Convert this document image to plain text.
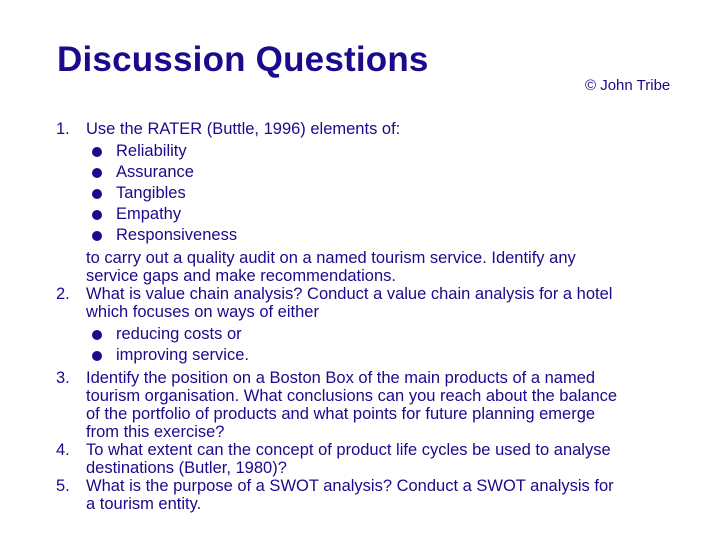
Discussion Questions
© John Tribe
1. Use the RATER (Buttle, 1996) elements of:
Reliability
Assurance
Tangibles
Empathy
Responsiveness
to carry out a quality audit on a named tourism service. Identify any
service gaps and make recommendations.
2. What is value chain analysis? Conduct a value chain analysis for a hotel
which focuses on ways of either
reducing costs or
improving service.
3. Identify the position on a Boston Box of the main products of a named
tourism organisation. What conclusions can you reach about the balance
of the portfolio of products and what points for future planning emerge
from this exercise?
4. To what extent can the concept of product life cycles be used to analyse
destinations (Butler, 1980)?
5. What is the purpose of a SWOT analysis? Conduct a SWOT analysis for
a tourism entity.
